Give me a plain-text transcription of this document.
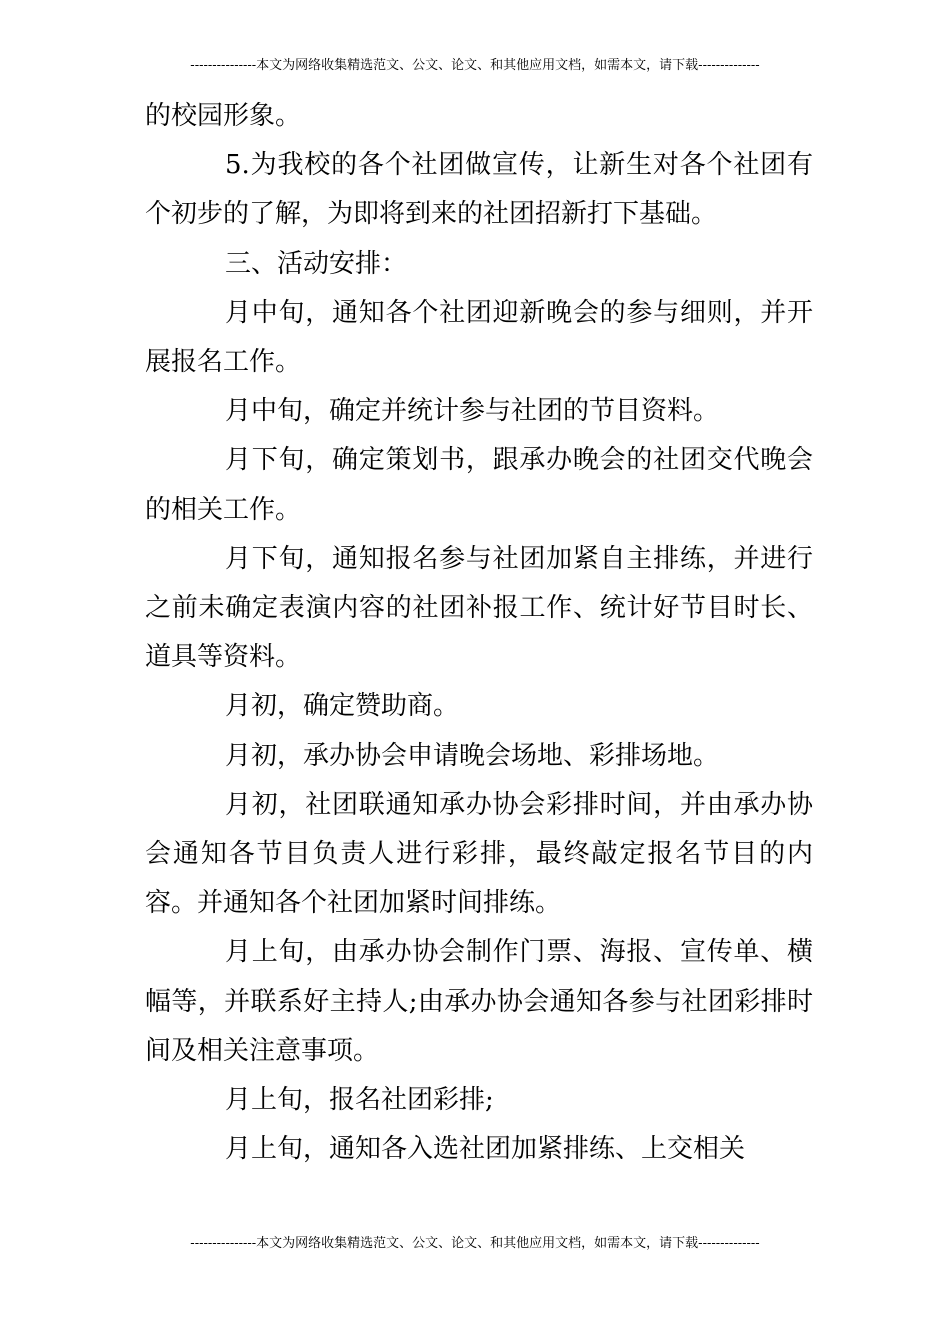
---------------本文为网络收集精选范文、公文、论文、和其他应用文档，如需本文，请下载--------------

的校园形象。

5.为我校的各个社团做宣传，让新生对各个社团有个初步的了解，为即将到来的社团招新打下基础。

三、活动安排：

月中旬，通知各个社团迎新晚会的参与细则，并开展报名工作。

月中旬，确定并统计参与社团的节目资料。

月下旬，确定策划书，跟承办晚会的社团交代晚会的相关工作。

月下旬，通知报名参与社团加紧自主排练，并进行之前未确定表演内容的社团补报工作、统计好节目时长、道具等资料。

月初，确定赞助商。

月初，承办协会申请晚会场地、彩排场地。

月初，社团联通知承办协会彩排时间，并由承办协会通知各节目负责人进行彩排，最终敲定报名节目的内容。并通知各个社团加紧时间排练。

月上旬，由承办协会制作门票、海报、宣传单、横幅等，并联系好主持人;由承办协会通知各参与社团彩排时间及相关注意事项。

月上旬，报名社团彩排;

月上旬，通知各入选社团加紧排练、上交相关

---------------本文为网络收集精选范文、公文、论文、和其他应用文档，如需本文，请下载--------------
